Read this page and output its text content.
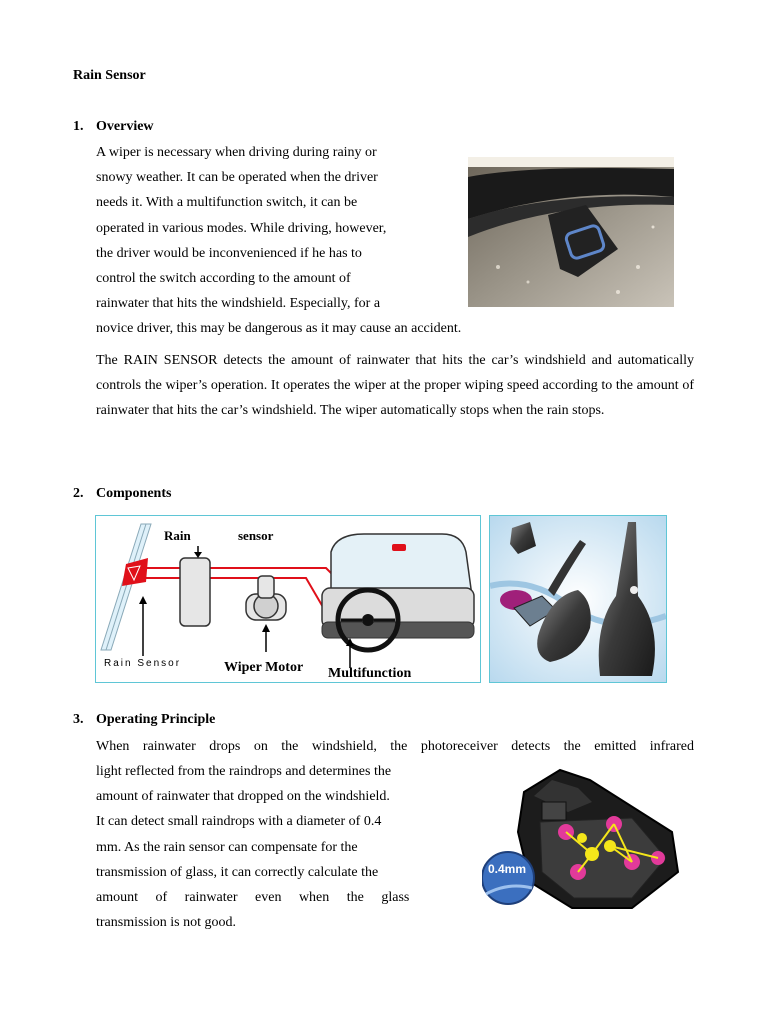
Rain Sensor
1. Overview
A wiper is necessary when driving during rainy or
snowy weather. It can be operated when the driver
needs it. With a multifunction switch, it can be
operated in various modes. While driving, however,
the driver would be inconvenienced if he has to
control the switch according to the amount of
rainwater that hits the windshield. Especially, for a
novice driver, this may be dangerous as it may cause an accident.
The RAIN SENSOR detects the amount of rainwater that hits the car’s windshield and automatically controls the wiper’s operation. It operates the wiper at the proper wiping speed according to the amount of rainwater that hits the car’s windshield. The wiper automatically stops when the rain stops.
2. Components
Rain	sensor
Rain Sensor	Wiper Motor Multifunction
3. Operating Principle
When rainwater drops on the windshield, the photoreceiver detects the emitted infrared
light reflected from the raindrops and determines the
amount of rainwater that dropped on the windshield.
It can detect small raindrops with a diameter of 0.4
mm. As the rain sensor can compensate for the
transmission of glass, it can correctly calculate the
amount     of     rainwater     even     when     the     glass
transmission is not good.
0.4mm
